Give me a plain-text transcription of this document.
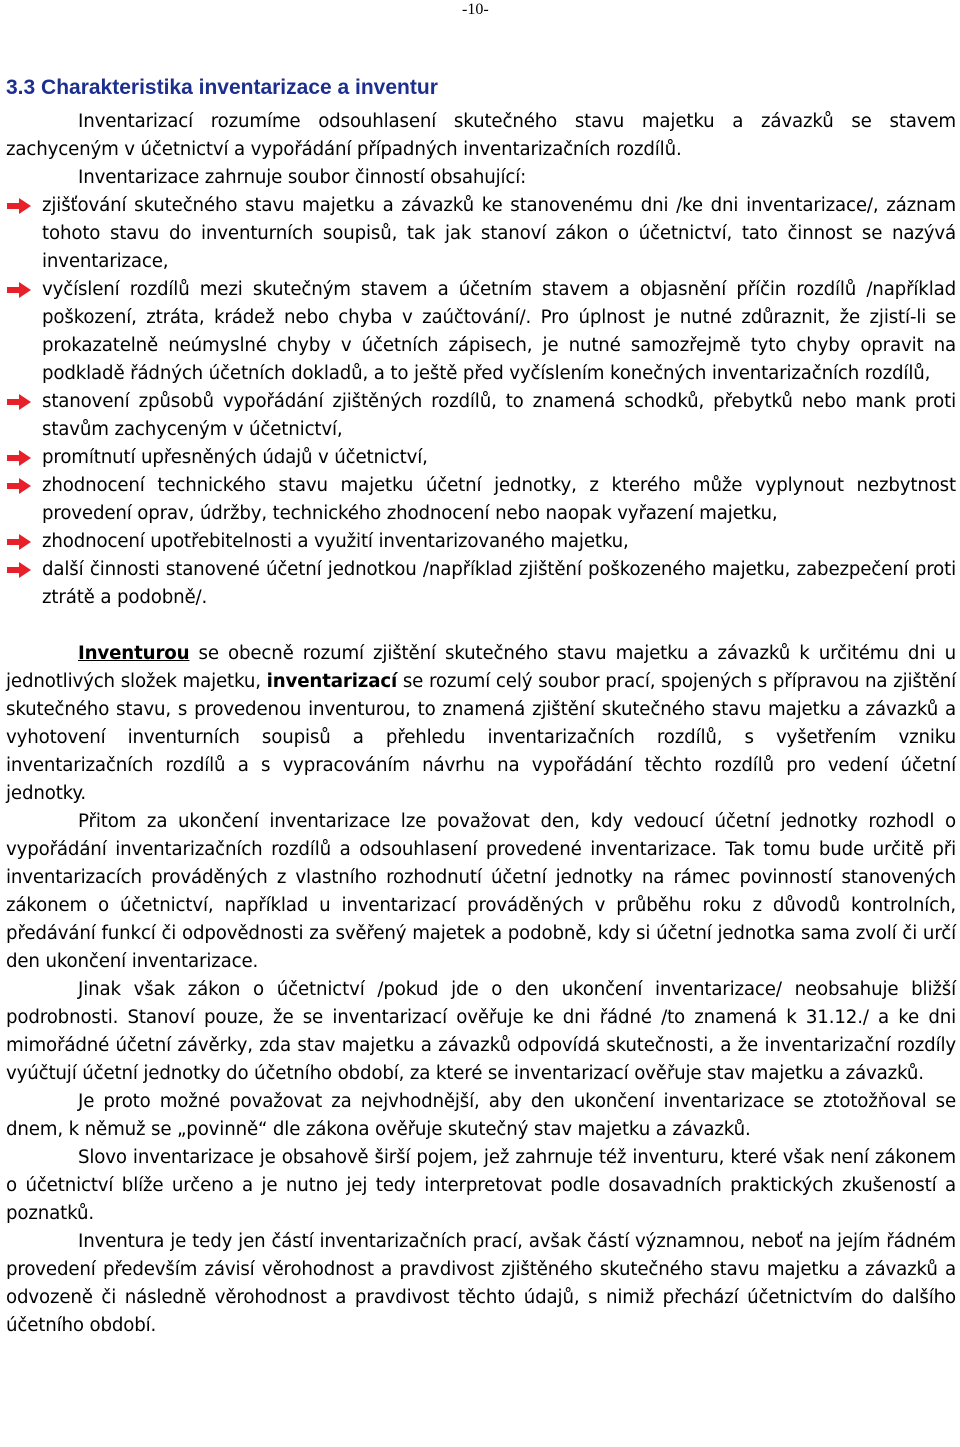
-10-
3.3 Charakteristika inventarizace a inventur

Inventarizací rozumíme odsouhlasení skutečného stavu majetku a závazků se stavem zachyceným v účetnictví a vypořádání případných inventarizačních rozdílů.

Inventarizace zahrnuje soubor činností obsahující:

zjišťování skutečného stavu majetku a závazků ke stanovenému dni /ke dni inventarizace/, záznam tohoto stavu do inventurních soupisů, tak jak stanoví zákon o účetnictví, tato činnost se nazývá inventarizace,
vyčíslení rozdílů mezi skutečným stavem a účetním stavem a objasnění příčin rozdílů /například poškození, ztráta, krádež nebo chyba v zaúčtování/. Pro úplnost je nutné zdůraznit, že zjistí-li se prokazatelně neúmyslné chyby v účetních zápisech, je nutné samozřejmě tyto chyby opravit na podkladě řádných účetních dokladů, a to ještě před vyčíslením konečných inventarizačních rozdílů,
stanovení způsobů vypořádání zjištěných rozdílů, to znamená schodků, přebytků nebo mank proti stavům zachyceným v účetnictví,
promítnutí upřesněných údajů v účetnictví,
zhodnocení technického stavu majetku účetní jednotky, z kterého může vyplynout nezbytnost provedení oprav, údržby, technického zhodnocení nebo naopak vyřazení majetku,
zhodnocení upotřebitelnosti a využití inventarizovaného majetku,
další činnosti stanovené účetní jednotkou /například zjištění poškozeného majetku, zabezpečení proti ztrátě a podobně/.

Inventurou se obecně rozumí zjištění skutečného stavu majetku a závazků k určitému dni u jednotlivých složek majetku, inventarizací se rozumí celý soubor prací, spojených s přípravou na zjištění skutečného stavu, s provedenou inventurou, to znamená zjištění skutečného stavu majetku a závazků a vyhotovení inventurních soupisů a přehledu inventarizačních rozdílů, s vyšetřením vzniku inventarizačních rozdílů a s vypracováním návrhu na vypořádání těchto rozdílů pro vedení účetní jednotky.

Přitom za ukončení inventarizace lze považovat den, kdy vedoucí účetní jednotky rozhodl o vypořádání inventarizačních rozdílů a odsouhlasení provedené inventarizace. Tak tomu bude určitě při inventarizacích prováděných z vlastního rozhodnutí účetní jednotky na rámec povinností stanovených zákonem o účetnictví, například u inventarizací prováděných v průběhu roku z důvodů kontrolních, předávání funkcí či odpovědnosti za svěřený majetek a podobně, kdy si účetní jednotka sama zvolí či určí den ukončení inventarizace.

Jinak však zákon o účetnictví /pokud jde o den ukončení inventarizace/ neobsahuje bližší podrobnosti. Stanoví pouze, že se inventarizací ověřuje ke dni řádné /to znamená k 31.12./ a ke dni mimořádné účetní závěrky, zda stav majetku a závazků odpovídá skutečnosti, a že inventarizační rozdíly vyúčtují účetní jednotky do účetního období, za které se inventarizací ověřuje stav majetku a závazků.

Je proto možné považovat za nejvhodnější, aby den ukončení inventarizace se ztotožňoval se dnem, k němuž se „povinně“ dle zákona ověřuje skutečný stav majetku a závazků.

Slovo inventarizace je obsahově širší pojem, jež zahrnuje též inventuru, které však není zákonem o účetnictví blíže určeno a je nutno jej tedy interpretovat podle dosavadních praktických zkušeností a poznatků.

Inventura je tedy jen částí inventarizačních prací, avšak částí významnou, neboť na jejím řádném provedení především závisí věrohodnost a pravdivost zjištěného skutečného stavu majetku a závazků a odvozeně či následně věrohodnost a pravdivost těchto údajů, s nimiž přechází účetnictvím do dalšího účetního období.
